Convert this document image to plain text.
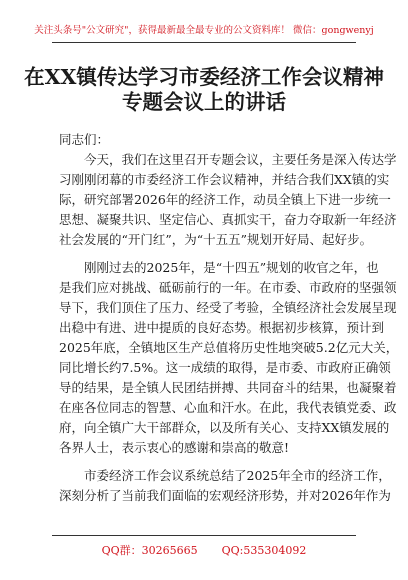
关注头条号"公文研究"，获得最新最全最专业的公文资料库！ 微信：gongwenyj
在XX镇传达学习市委经济工作会议精神
专题会议上的讲话
同志们：
今天，我们在这里召开专题会议，主要任务是深入传达学
习刚刚闭幕的市委经济工作会议精神，并结合我们XX镇的实
际，研究部署2026年的经济工作，动员全镇上下进一步统一
思想、凝聚共识、坚定信心、真抓实干，奋力夺取新一年经济
社会发展的“开门红”，为“十五五”规划开好局、起好步。
刚刚过去的2025年，是“十四五”规划的收官之年，也
是我们应对挑战、砥砺前行的一年。在市委、市政府的坚强领
导下，我们顶住了压力、经受了考验，全镇经济社会发展呈现
出稳中有进、进中提质的良好态势。根据初步核算，预计到
2025年底，全镇地区生产总值将历史性地突破5.2亿元大关，
同比增长约7.5%。这一成绩的取得，是市委、市政府正确领
导的结果，是全镇人民团结拼搏、共同奋斗的结果，也凝聚着
在座各位同志的智慧、心血和汗水。在此，我代表镇党委、政
府，向全镇广大干部群众，以及所有关心、支持XX镇发展的
各界人士，表示衷心的感谢和崇高的敬意!
市委经济工作会议系统总结了2025年全市的经济工作，
深刻分析了当前我们面临的宏观经济形势，并对2026年作为
QQ群：30265665 QQ:535304092
